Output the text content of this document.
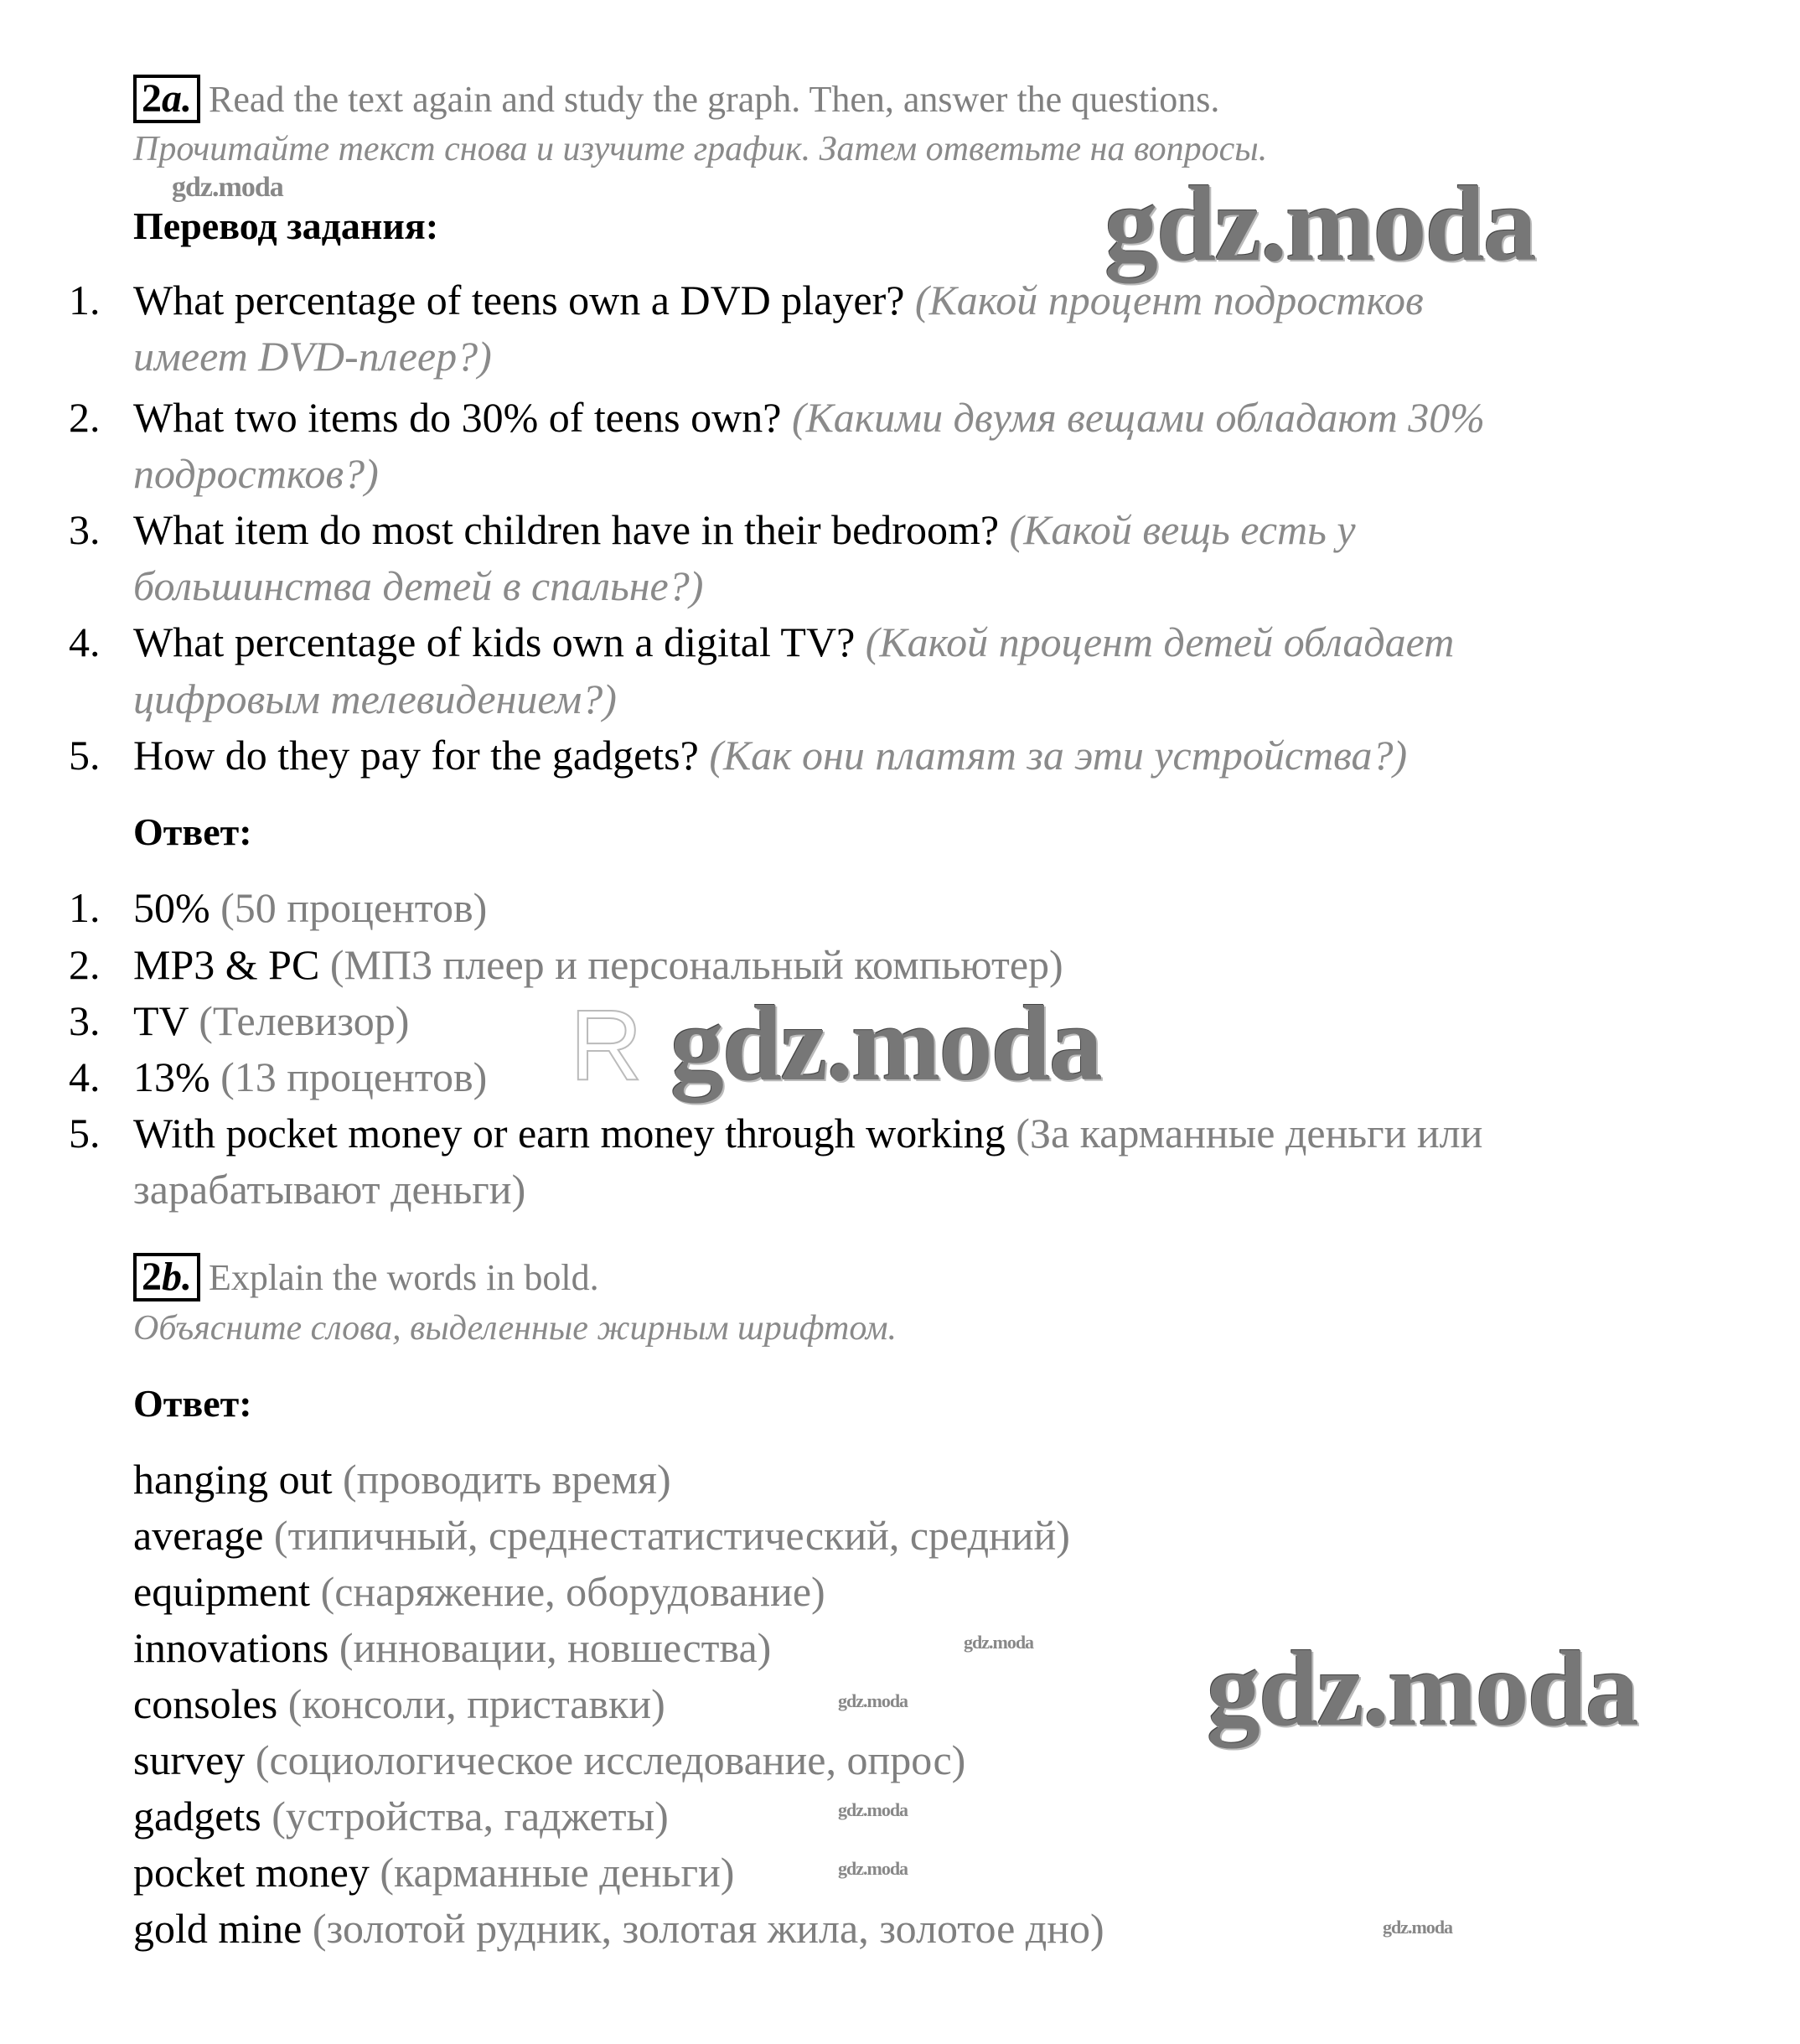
2a. Read the text again and study the graph. Then, answer the questions.
Прочитайте текст снова и изучите график. Затем ответьте на вопросы.
Перевод задания:
1. What percentage of teens own a DVD player? (Какой процент подростков
имеет DVD-плеер?)
2. What two items do 30% of teens own? (Какими двумя вещами обладают 30%
подростков?)
3. What item do most children have in their bedroom? (Какой вещь есть у
большинства детей в спальне?)
4. What percentage of kids own a digital TV? (Какой процент детей обладает
цифровым телевидением?)
5. How do they pay for the gadgets? (Как они платят за эти устройства?)
Ответ:
1. 50% (50 процентов)
2. MP3 & PC (МП3 плеер и персональный компьютер)
3. TV (Телевизор)
4. 13% (13 процентов)
5. With pocket money or earn money through working (За карманные деньги или
зарабатывают деньги)
2b. Explain the words in bold.
Объясните слова, выделенные жирным шрифтом.
Ответ:
hanging out (проводить время)
average (типичный, среднестатистический, средний)
equipment (снаряжение, оборудование)
innovations (инновации, новшества)
consoles (консоли, приставки)
survey (социологическое исследование, опрос)
gadgets (устройства, гаджеты)
pocket money (карманные деньги)
gold mine (золотой рудник, золотая жила, золотое дно)
R
gdz.moda
gdz.moda
gdz.moda
gdz.moda
gdz.moda
gdz.moda
gdz.moda
gdz.moda
gdz.moda
